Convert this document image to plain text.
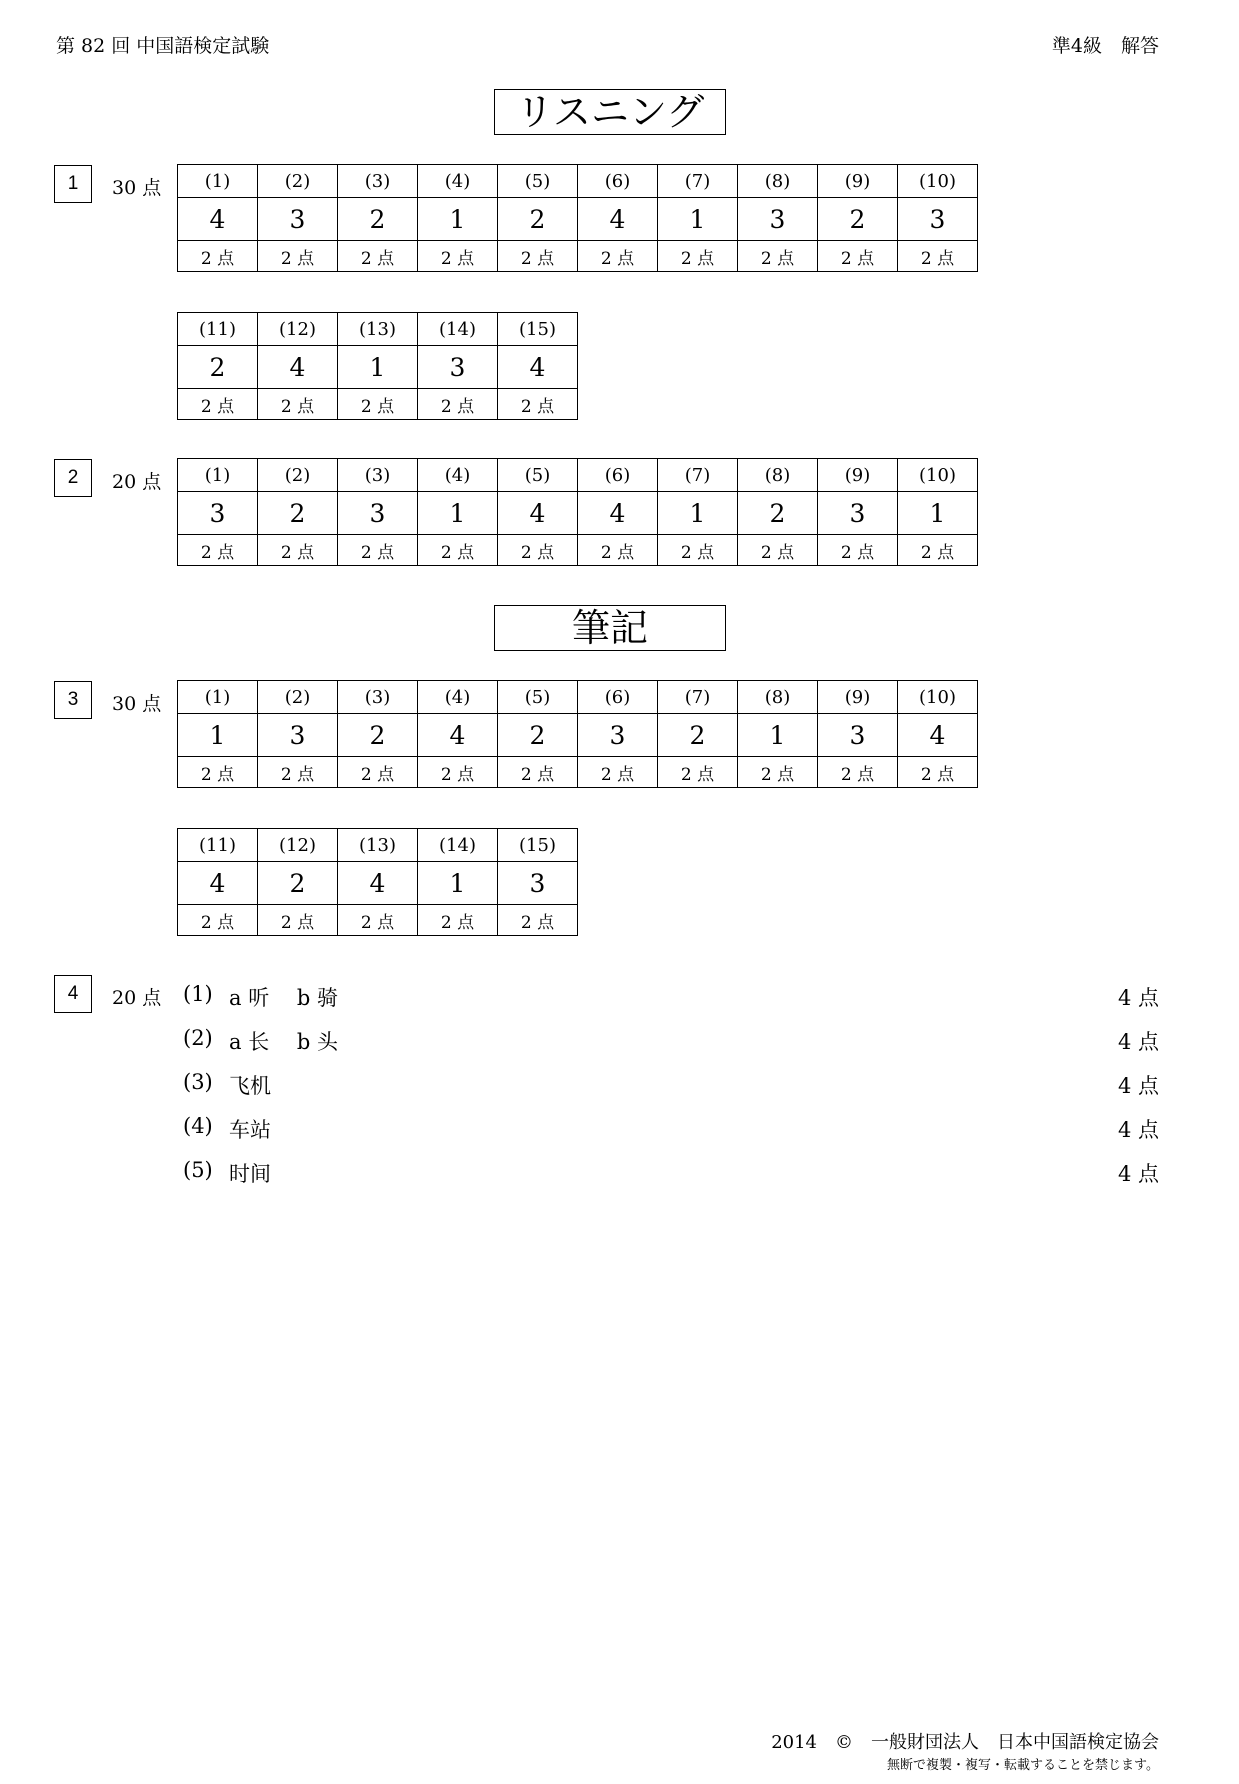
第 82 回 中国語検定試験	準4級　解答
リスニング
1	30 点 (1)	(2)	(3)	(4)	(5)	(6)	(7)	(8)	(9)	(10)
4	3	2	1	2	4	1	3	2	3
2 点	2 点	2 点	2 点	2 点	2 点	2 点	2 点	2 点	2 点
(11)	(12)	(13)	(14)	(15)
2	4	1	3	4
2 点	2 点	2 点	2 点	2 点
2	20 点 (1)	(2)	(3)	(4)	(5)	(6)	(7)	(8)	(9)	(10)
3	2	3	1	4	4	1	2	3	1
2 点	2 点	2 点	2 点	2 点	2 点	2 点	2 点	2 点	2 点
筆記
3	30 点 (1)	(2)	(3)	(4)	(5)	(6)	(7)	(8)	(9)	(10)
1	3	2	4	2	3	2	1	3	4
2 点	2 点	2 点	2 点	2 点	2 点	2 点	2 点	2 点	2 点
(11)	(12)	(13)	(14)	(15)
4	2	4	1	3
2 点	2 点	2 点	2 点	2 点
4	20 点 (1) a 听　 b 骑	4 点
(2) a 长　 b 头	4 点
(3) 飞机	4 点
(4) 车站	4 点
(5) 时间	4 点
2014　©　一般財団法人　日本中国語検定協会
無断で複製・複写・転載することを禁じます。
